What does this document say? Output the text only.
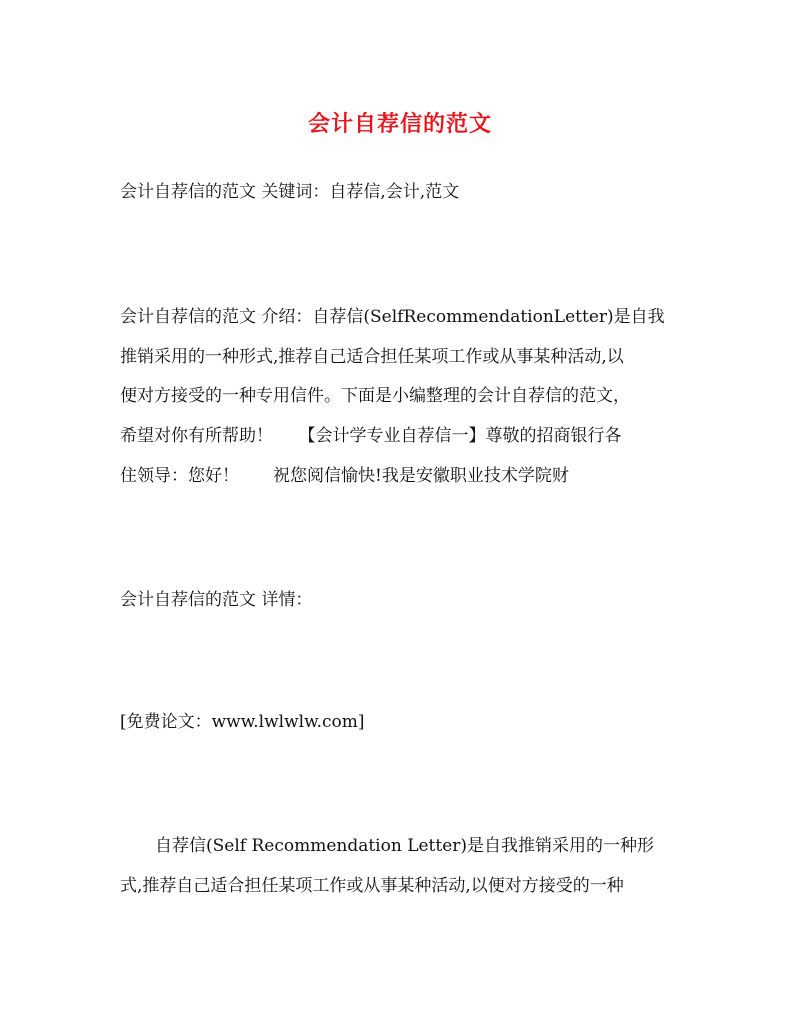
会计自荐信的范文
会计自荐信的范文 关键词：自荐信,会计,范文
会计自荐信的范文 介绍：自荐信(SelfRecommendationLetter)是自我
推销采用的一种形式,推荐自己适合担任某项工作或从事某种活动,以
便对方接受的一种专用信件。下面是小编整理的会计自荐信的范文，
希望对你有所帮助！　　【会计学专业自荐信一】尊敬的招商银行各
住领导：您好！　　祝您阅信愉快!我是安徽职业技术学院财
会计自荐信的范文 详情：
[免费论文：www.lwlwlw.com]
自荐信(Self Recommendation Letter)是自我推销采用的一种形
式,推荐自己适合担任某项工作或从事某种活动,以便对方接受的一种
